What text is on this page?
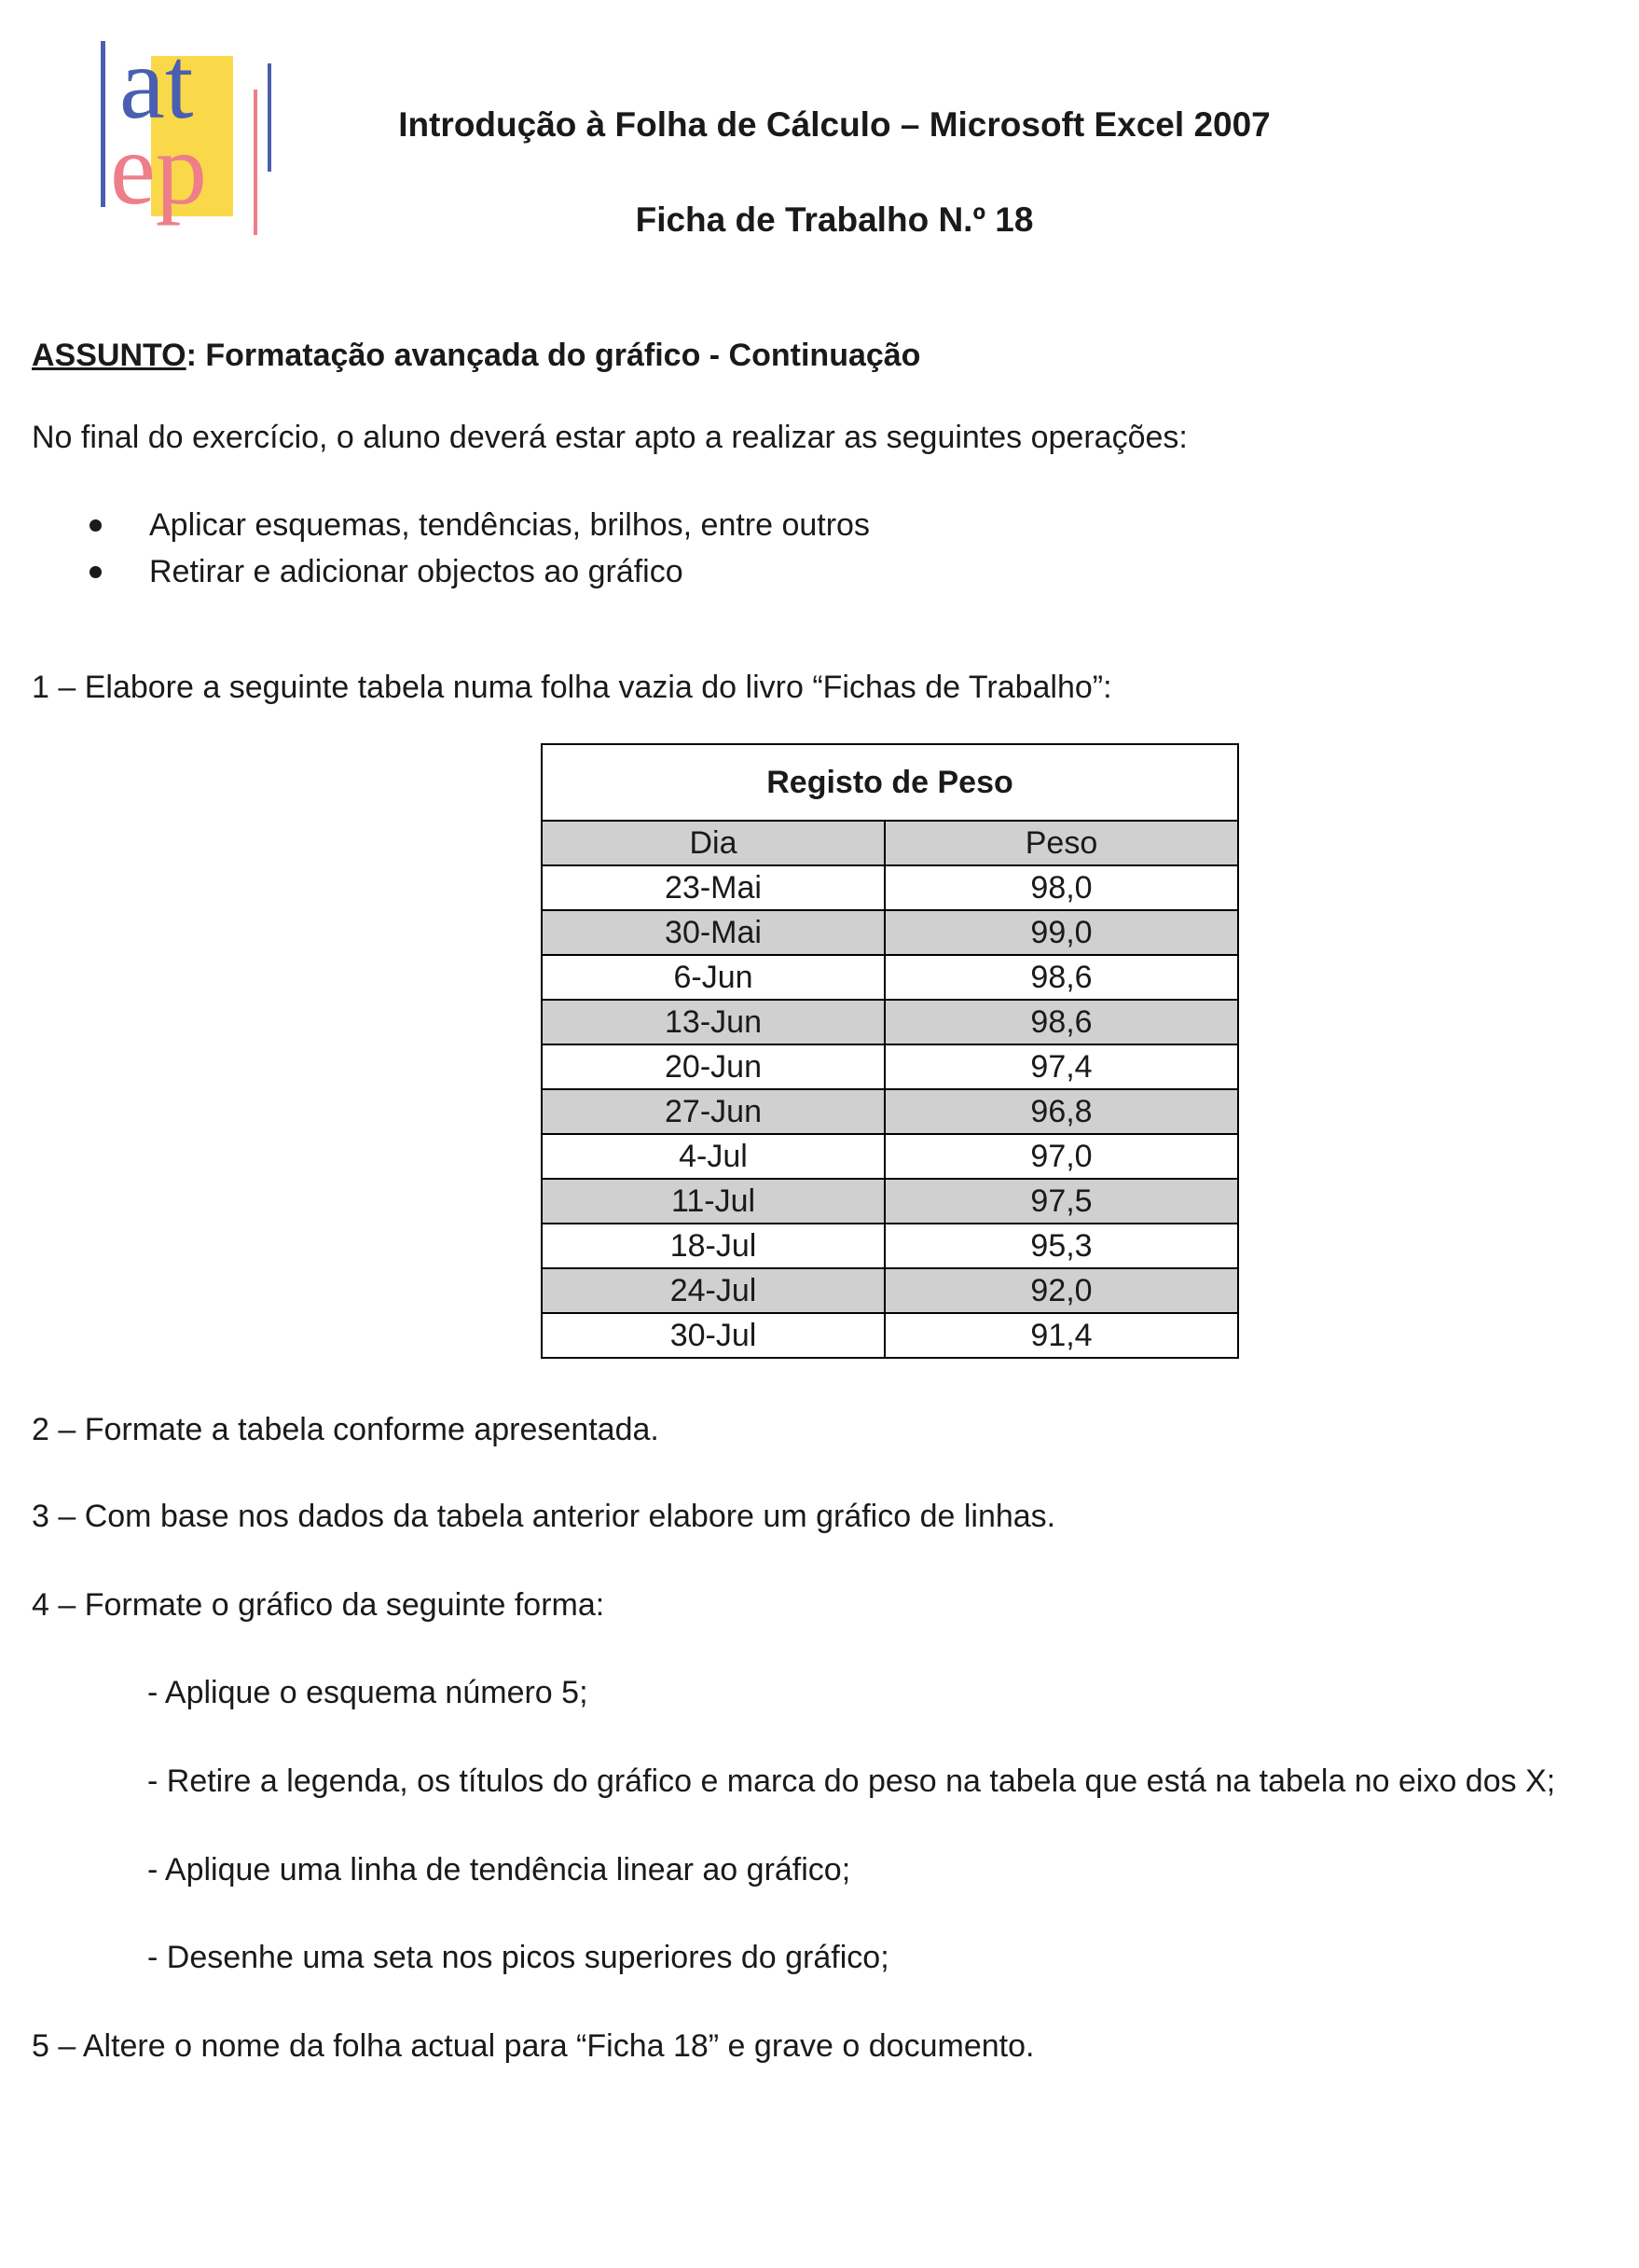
at
ep	Introdução à Folha de Cálculo – Microsoft Excel 2007
Ficha de Trabalho N.º 18
ASSUNTO: Formatação avançada do gráfico - Continuação
No final do exercício, o aluno deverá estar apto a realizar as seguintes operações:
Aplicar esquemas, tendências, brilhos, entre outros
Retirar e adicionar objectos ao gráfico
1 – Elabore a seguinte tabela numa folha vazia do livro “Fichas de Trabalho”:
Registo de Peso	
Dia	Peso
23-Mai	98,0
30-Mai	99,0
6-Jun	98,6
13-Jun	98,6
20-Jun	97,4
27-Jun	96,8
4-Jul	97,0
11-Jul	97,5
18-Jul	95,3
24-Jul	92,0
30-Jul	91,4
2 – Formate a tabela conforme apresentada.
3 – Com base nos dados da tabela anterior elabore um gráfico de linhas.
4 – Formate o gráfico da seguinte forma:
- Aplique o esquema número 5;
- Retire a legenda, os títulos do gráfico e marca do peso na tabela que está na tabela no eixo dos X;
- Aplique uma linha de tendência linear ao gráfico;
- Desenhe uma seta nos picos superiores do gráfico;
5 – Altere o nome da folha actual para “Ficha 18” e grave o documento.
